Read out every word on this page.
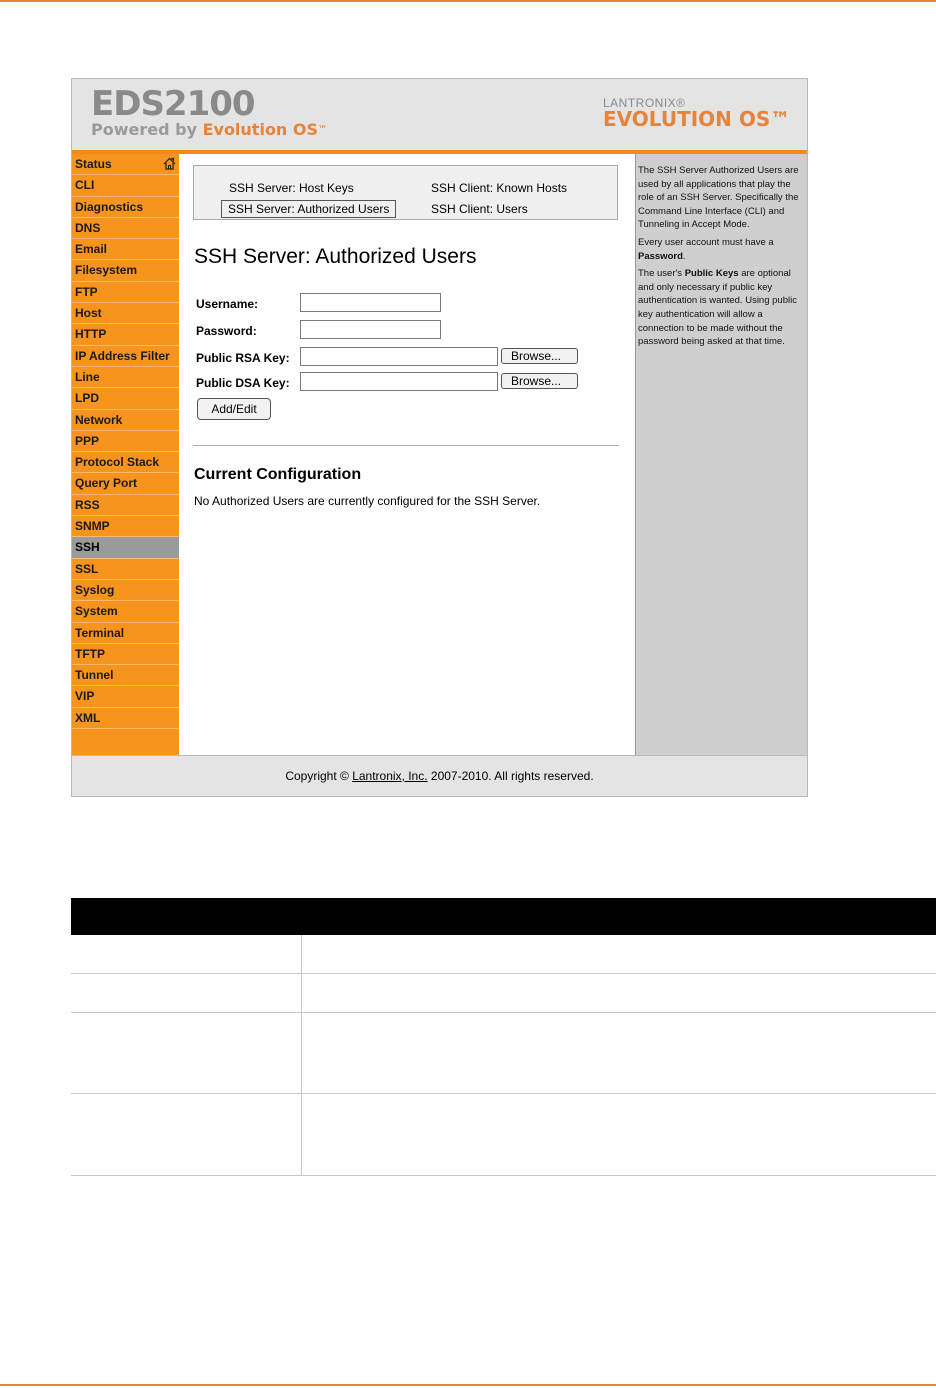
EDS2100
Powered by Evolution OS™
LANTRONIX®
EVOLUTION OS™
Status
CLI
Diagnostics
DNS
Email
Filesystem
FTP
Host
HTTP
IP Address Filter
Line
LPD
Network
PPP
Protocol Stack
Query Port
RSS
SNMP
SSH
SSL
Syslog
System
Terminal
TFTP
Tunnel
VIP
XML
SSH Server: Host Keys	SSH Client: Known Hosts
SSH Server: Authorized Users	SSH Client: Users
SSH Server: Authorized Users
Username:
Password:
Public RSA Key:	Browse...
Public DSA Key:	Browse...
Add/Edit
Current Configuration
No Authorized Users are currently configured for the SSH Server.

The SSH Server Authorized Users are used by all applications that play the role of an SSH Server. Specifically the Command Line Interface (CLI) and Tunneling in Accept Mode.

Every user account must have a Password.

The user's Public Keys are optional and only necessary if public key authentication is wanted. Using public key authentication will allow a connection to be made without the password being asked at that time.

Copyright © Lantronix, Inc. 2007-2010. All rights reserved.
